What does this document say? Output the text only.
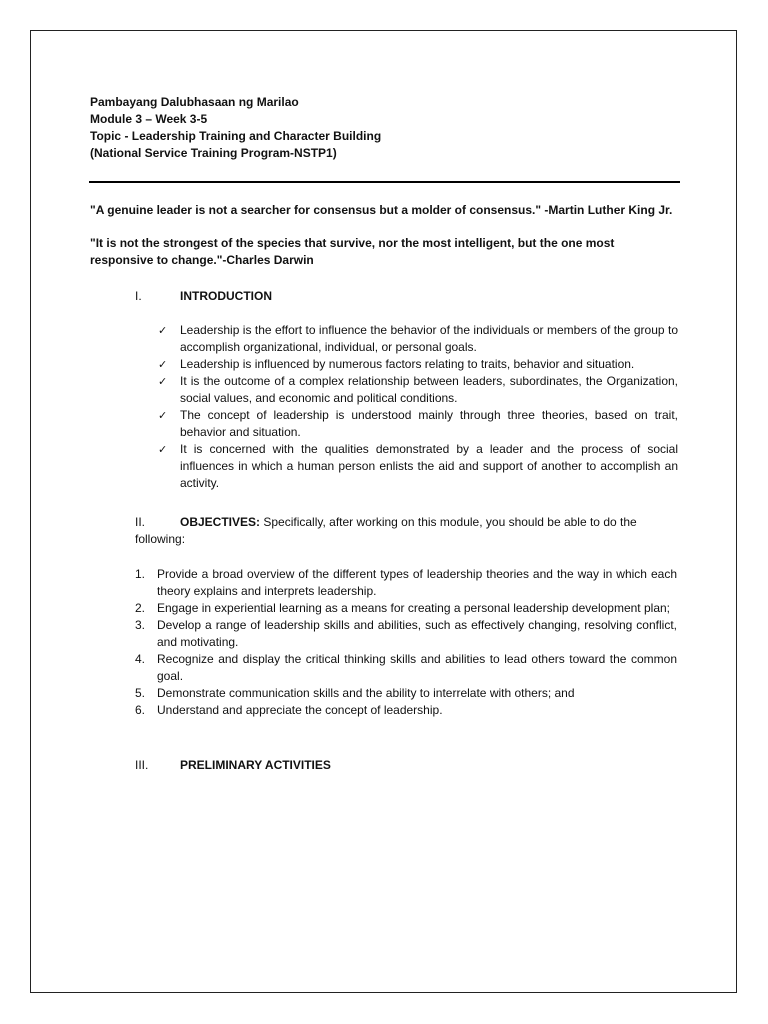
Pambayang Dalubhasaan ng Marilao
Module 3 – Week 3-5
Topic - Leadership Training and Character Building
(National Service Training Program-NSTP1)
"A genuine leader is not a searcher for consensus but a molder of consensus." -Martin Luther King Jr.
"It is not the strongest of the species that survive, nor the most intelligent, but the one most responsive to change."-Charles Darwin
I.	INTRODUCTION
✓ Leadership is the effort to influence the behavior of the individuals or members of the group to accomplish organizational, individual, or personal goals.
✓ Leadership is influenced by numerous factors relating to traits, behavior and situation.
✓ It is the outcome of a complex relationship between leaders, subordinates, the Organization, social values, and economic and political conditions.
✓ The concept of leadership is understood mainly through three theories, based on trait, behavior and situation.
✓ It is concerned with the qualities demonstrated by a leader and the process of social influences in which a human person enlists the aid and support of another to accomplish an activity.
II.	OBJECTIVES: Specifically, after working on this module, you should be able to do the following:
1. Provide a broad overview of the different types of leadership theories and the way in which each theory explains and interprets leadership.
2. Engage in experiential learning as a means for creating a personal leadership development plan;
3. Develop a range of leadership skills and abilities, such as effectively changing, resolving conflict, and motivating.
4. Recognize and display the critical thinking skills and abilities to lead others toward the common goal.
5. Demonstrate communication skills and the ability to interrelate with others; and
6. Understand and appreciate the concept of leadership.
III.	PRELIMINARY ACTIVITIES
